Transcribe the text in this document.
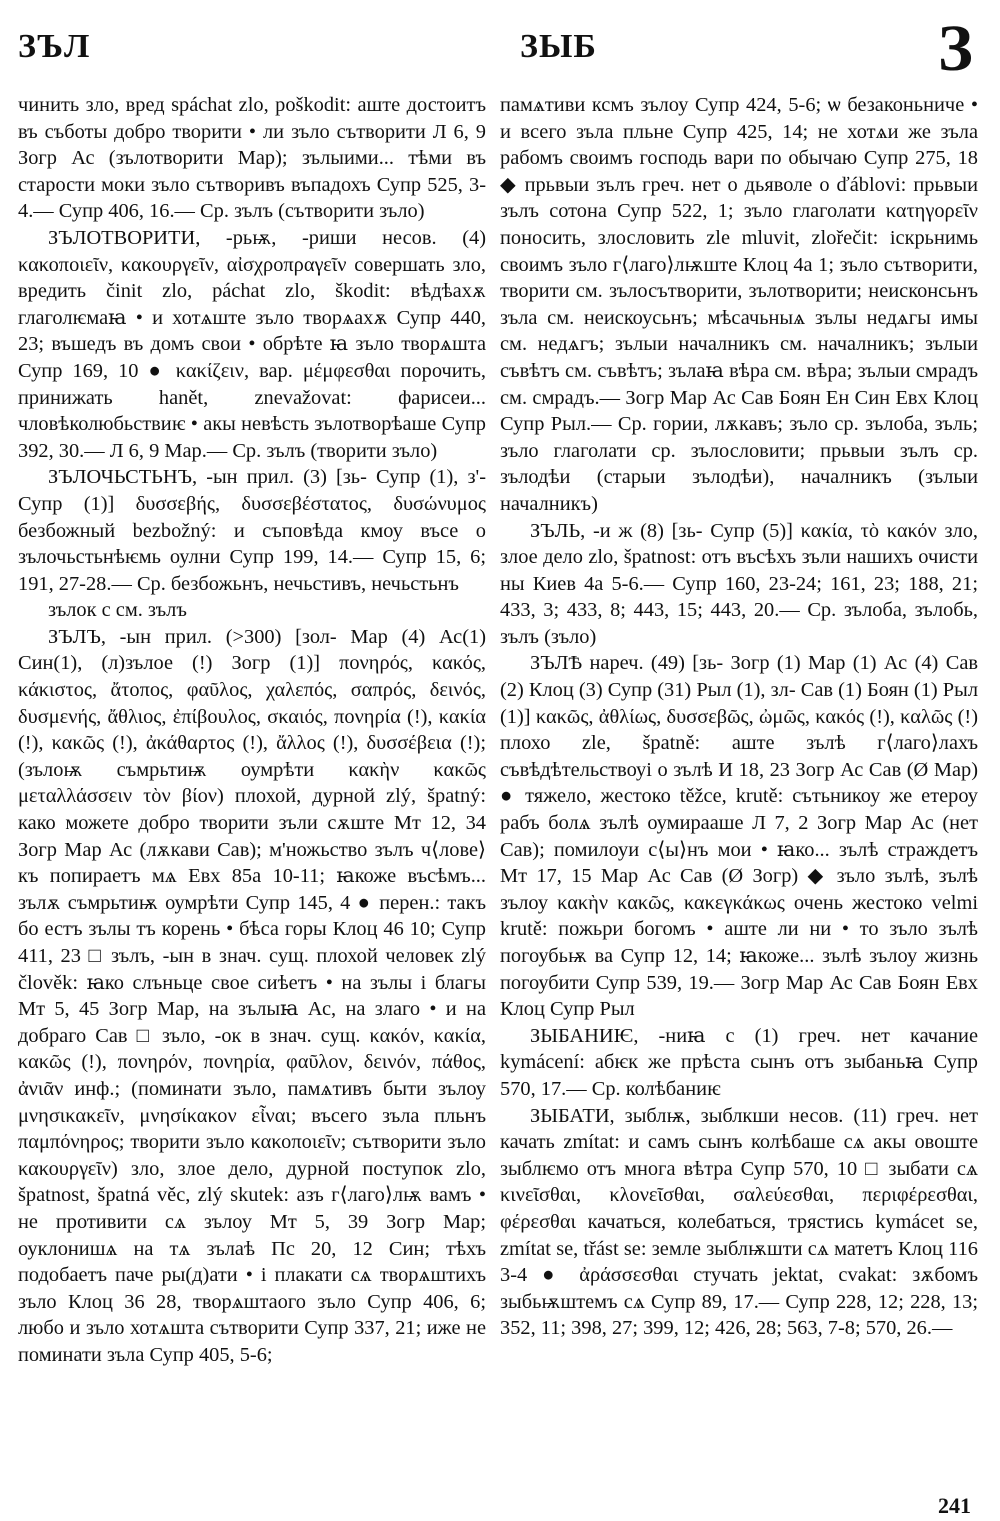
ЗЪЛ	ЗЫБ	З

чинить зло, вред spáchat zlo, poškodit: аште достоитъ въ съботы добро творити • ли зъло сътворити Л 6, 9 Зогр Ас (зълотворити Мар); зълыими... тѣми въ старости моки зъло сътворивъ въпадохъ Супр 525, 3-4.— Супр 406, 16.— Ср. зълъ (сътворити зъло)

ЗЪЛОТВОРИТИ, -рьѭ, -риши несов. (4) κακοποιεῖν, κακουργεῖν, αἰσχροπραγεῖν совершать зло, вредить činit zlo, páchat zlo, škodit: вѣдѣахѫ глаголѥмаꙗ • и хотѧште зъло творѧахѫ Супр 440, 23; въшедъ въ домъ свои • обрѣте ꙗ зъло творѧшта Супр 169, 10 ● κακίζειν, вар. μέμφεσθαι порочить, принижать hanět, znevažovat: фарисеи... чловѣколюбьствиѥ • акы невѣсть зълотворѣаше Супр 392, 30.— Л 6, 9 Мар.— Ср. зълъ (творити зъло)

ЗЪЛОЧЬСТЬНЪ, -ын прил. (3) [зь- Супр (1), з'- Супр (1)] δυσσεβής, δυσσεβέστατος, δυσώνυμος безбожный bezbožný: и съповѣда кмоу въсе о зълочьстьнѣѥмь оулни Супр 199, 14.— Супр 15, 6; 191, 27-28.— Ср. безбожьнъ, нечьстивъ, нечьстьнъ

зълок с см. зълъ

ЗЪЛЪ, -ын прил. (>300) [зол- Мар (4) Ас(1) Син(1), (л)зълое (!) Зогр (1)] πονηρός, κακός, κάκιστος, ἄτοπος, φαῦλος, χαλεπός, σαπρός, δεινός, δυσμενής, ἄθλιος, ἐπίβουλος, σκαιός, πονηρία (!), κακία (!), κακῶς (!), ἀκάθαρτος (!), ἄλλος (!), δυσσέβεια (!); (зълоѭ съмрьтиѭ оумрѣти κακὴν κακῶς μεταλλάσσειν τὸν βίον) плохой, дурной zlý, špatný: како можете добро творити зъли сѫште Мт 12, 34 Зогр Мар Ас (лѫкави Сав); м'ножьство зълъ ч⟨лове⟩къ попираетъ мѧ Евх 85а 10-11; ꙗкоже въсѣмъ... зълѫ съмрьтиѭ оумрѣти Супр 145, 4 ● перен.: такъ бо естъ зълы тъ корень • бѣса горы Клоц 46 10; Супр 411, 23 □ зълъ, -ын в знач. сущ. плохой человек zlý člověk: ꙗко слъньце свое сиѣетъ • на зълы і благы Мт 5, 45 Зогр Мар, на зълыꙗ Ас, на злаго • и на добраго Сав □ зъло, -ок в знач. сущ. κακόν, κακία, κακῶς (!), πονηρόν, πονηρία, φαῦλον, δεινόν, πάθος, ἀνιᾶν инф.; (поминати зъло, памѧтивъ быти зълоу μνησικακεῖν, μνησίκακον εἶναι; въсего зъла пльнъ παμπόνηρος; творити зъло κακοποιεῖν; сътворити зъло κακουργεῖν) зло, злое дело, дурной поступок zlo, špatnost, špatná věc, zlý skutek: азъ г⟨лаго⟩лѭ вамъ • не противити сѧ зълоу Мт 5, 39 Зогр Мар; оуклонишѧ на тѧ зълаѣ Пс 20, 12 Син; тѣхъ подобаетъ паче ры(д)ати • і плакати сѧ творѧштихъ зъло Клоц 36 28, творѧштаого зъло Супр 406, 6; любо и зъло хотѧшта сътворити Супр 337, 21; иже не поминати зъла Супр 405, 5-6;

памѧтиви ксмъ зълоу Супр 424, 5-6; ѡ безаконьниче • и всего зъла пльне Супр 425, 14; не хотѧи же зъла рабомъ своимъ господь вари по обычаю Супр 275, 18 ◆ прьвыи зълъ греч. нет о дьяволе о ďáblovi: прьвыи зълъ сотона Супр 522, 1; зъло глаголати κατηγορεῖν поносить, злословить zle mluvit, zlořečit: іскрьнимь своимъ зъло г⟨лаго⟩лѭште Клоц 4а 1; зъло сътворити, творити см. зълосътворити, зълотворити; неисконсьнъ зъла см. неискоусьнъ; мѣсачьныѧ зълы недѧгы имы см. недѧгъ; зълыи началникъ см. началникъ; зълыи съвѣтъ см. съвѣтъ; зълаꙗ вѣра см. вѣра; зълыи смрадъ см. смрадъ.— Зогр Мар Ас Сав Боян Ен Син Евх Клоц Супр Рыл.— Ср. гории, лѫкавъ; зъло ср. зълоба, зъль; зъло глаголати ср. зълословити; прьвыи зълъ ср. зълодѣи (старыи зълодѣи), началникъ (зълыи началникъ)

ЗЪЛЬ, -и ж (8) [зь- Супр (5)] κακία, τὸ κακόν зло, злое дело zlo, špatnost: отъ въсѣхъ зъли нашихъ очисти ны Киев 4а 5-6.— Супр 160, 23-24; 161, 23; 188, 21; 433, 3; 433, 8; 443, 15; 443, 20.— Ср. зълоба, зълобь, зълъ (зъло)

ЗЪЛѢ нареч. (49) [зь- Зогр (1) Мар (1) Ас (4) Сав (2) Клоц (3) Супр (31) Рыл (1), зл- Сав (1) Боян (1) Рыл (1)] κακῶς, ἀθλίως, δυσσεβῶς, ὠμῶς, κακός (!), καλῶς (!) плохо zle, špatně: аште зълѣ г⟨лаго⟩лахъ съвѣдѣтельствоуі о зълѣ И 18, 23 Зогр Ас Сав (Ø Мар) ● тяжело, жестоко těžce, krutě: сътьникоу же етероу рабъ болѧ зълѣ оумираашe Л 7, 2 Зогр Мар Ас (нет Сав); помилоуи с⟨ы⟩нъ мои • ꙗко... зълѣ страждетъ Мт 17, 15 Мар Ас Сав (Ø Зогр) ◆ зъло зълѣ, зълѣ зълоу κακὴν κακῶς, κακεγκάκως очень жестоко velmi krutě: пожьри богомъ • аште ли ни • то зъло зълѣ погоубьѭ ва Супр 12, 14; ꙗкоже... зълѣ зълоу жизнь погоубити Супр 539, 19.— Зогр Мар Ас Сав Боян Евх Клоц Супр Рыл

ЗЫБАНИѤ, -ниꙗ с (1) греч. нет качание kymácení: абѥк же прѣста сынъ отъ зыбаньꙗ Супр 570, 17.— Ср. колѣбаниѥ

ЗЫБАТИ, зыблѭ, зыблкши несов. (11) греч. нет качать zmítat: и самъ сынъ колѣбаше сѧ акы овоште зыблѥмо отъ многа вѣтра Супр 570, 10 □ зыбати сѧ κινεῖσθαι, κλονεῖσθαι, σαλεύεσθαι, περιφέρεσθαι, φέρεσθαι качаться, колебаться, трястись kymácet se, zmítat se, třást se: земле зыблѭшти сѧ матетъ Клоц 116 3-4 ● ἀράσσεσθαι стучать jektat, cvakat: зѫбомъ зыбьѭштемъ сѧ Супр 89, 17.— Супр 228, 12; 228, 13; 352, 11; 398, 27; 399, 12; 426, 28; 563, 7-8; 570, 26.—

241
